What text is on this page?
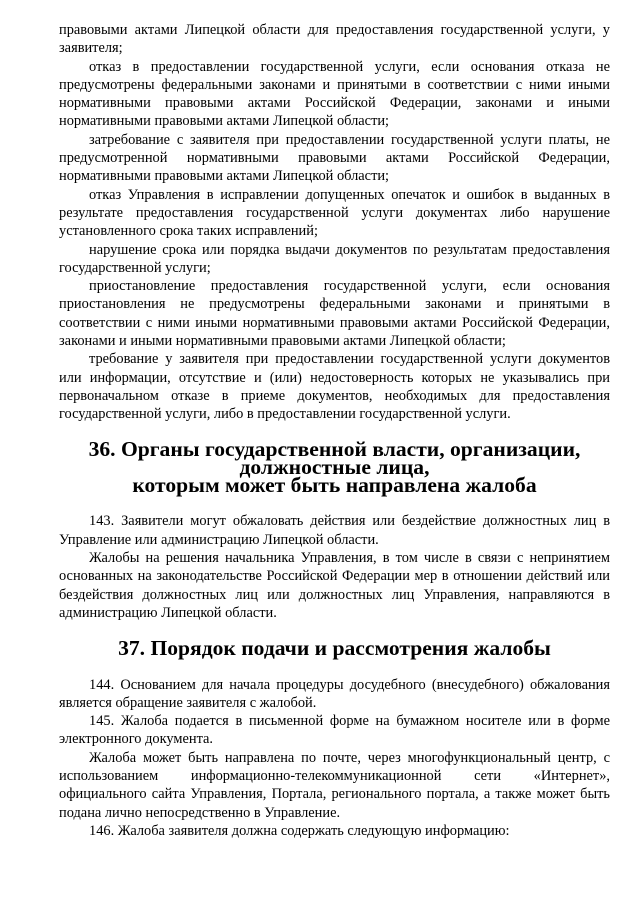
правовыми актами Липецкой области для предоставления государственной услуги, у заявителя;

отказ в предоставлении государственной услуги, если основания отказа не предусмотрены федеральными законами и принятыми в соответствии с ними иными нормативными правовыми актами Российской Федерации, законами и иными нормативными правовыми актами Липецкой области;

затребование с заявителя при предоставлении государственной услуги платы, не предусмотренной нормативными правовыми актами Российской Федерации, нормативными правовыми актами Липецкой области;

отказ Управления в исправлении допущенных опечаток и ошибок в выданных в результате предоставления государственной услуги документах либо нарушение установленного срока таких исправлений;

нарушение срока или порядка выдачи документов по результатам предоставления государственной услуги;

приостановление предоставления государственной услуги, если основания приостановления не предусмотрены федеральными законами и принятыми в соответствии с ними иными нормативными правовыми актами Российской Федерации, законами и иными нормативными правовыми актами Липецкой области;

требование у заявителя при предоставлении государственной услуги документов или информации, отсутствие и (или) недостоверность которых не указывались при первоначальном отказе в приеме документов, необходимых для предоставления государственной услуги, либо в предоставлении государственной услуги.

36. Органы государственной власти, организации, должностные лица,
которым может быть направлена жалоба

143. Заявители могут обжаловать действия или бездействие должностных лиц в Управление или администрацию Липецкой области.

Жалобы на решения начальника Управления, в том числе в связи с непринятием основанных на законодательстве Российской Федерации мер в отношении действий или бездействия должностных лиц или должностных лиц Управления, направляются в администрацию Липецкой области.

37. Порядок подачи и рассмотрения жалобы

144. Основанием для начала процедуры досудебного (внесудебного) обжалования является обращение заявителя с жалобой.

145. Жалоба подается в письменной форме на бумажном носителе или в форме электронного документа.

Жалоба может быть направлена по почте, через многофункциональный центр, с использованием информационно-телекоммуникационной сети «Интернет», официального сайта Управления, Портала, регионального портала, а также может быть подана лично непосредственно в Управление.

146. Жалоба заявителя должна содержать следующую информацию:
